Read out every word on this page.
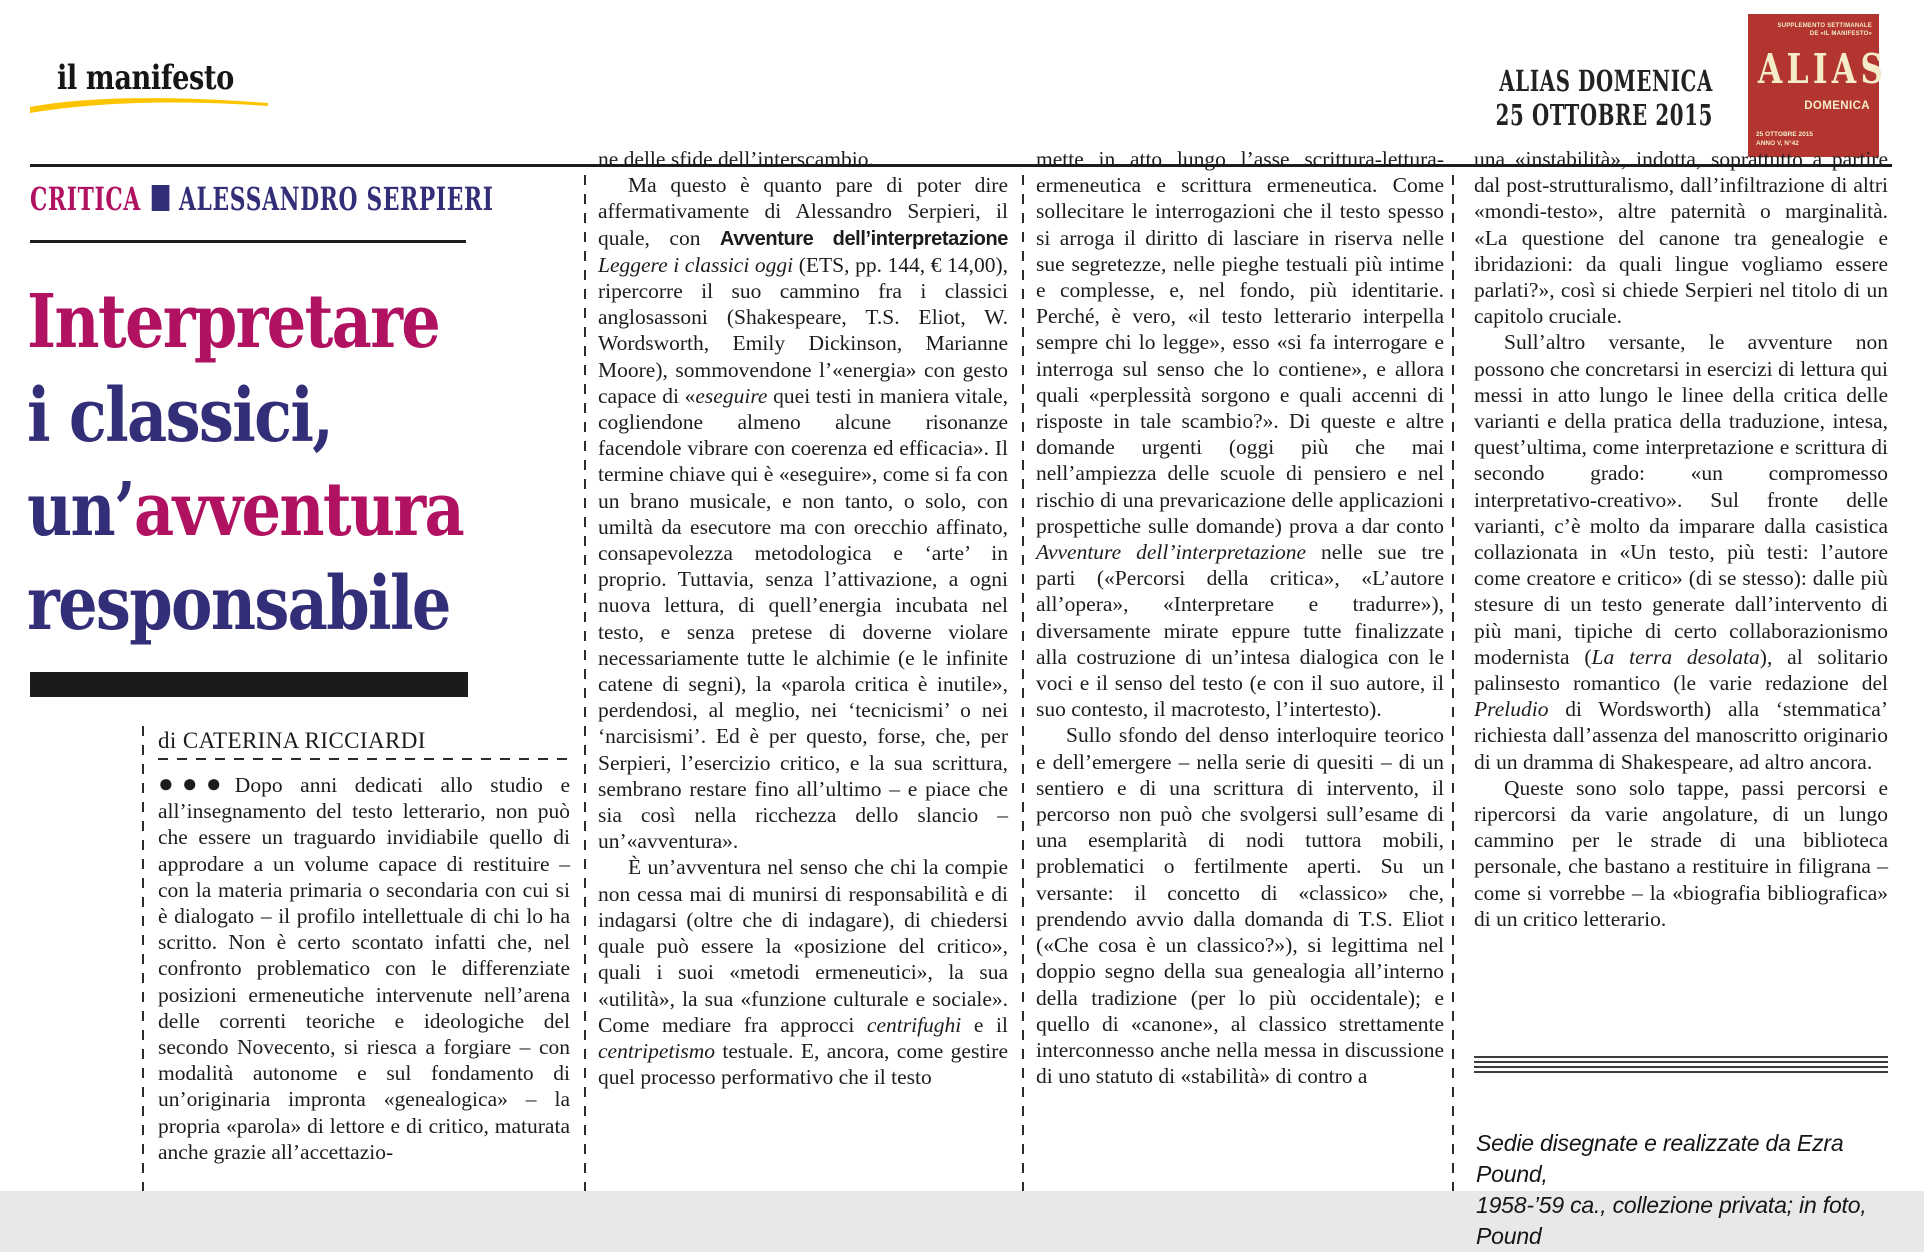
il manifesto	ALIAS DOMENICA
25 OTTOBRE 2015
SUPPLEMENTO SETTIMANALE
DE «IL MANIFESTO»
ALIAS
DOMENICA
25 OTTOBRE 2015
ANNO V, N°42
CRITICA ALESSANDRO SERPIERI
Interpretare
i classici,
un’avventura
responsabile
di CATERINA RICCIARDI

●●● Dopo anni dedicati allo studio e all’insegnamento del testo letterario, non può che essere un traguardo invidiabile quello di approdare a un volume capace di restituire – con la materia primaria o secondaria con cui si è dialogato – il profilo intellettuale di chi lo ha scritto. Non è certo scontato infatti che, nel confronto problematico con le differenziate posizioni ermeneutiche intervenute nell’arena delle correnti teoriche e ideologiche del secondo Novecento, si riesca a forgiare – con modalità autonome e sul fondamento di un’originaria impronta «genealogica» – la propria «parola» di lettore e di critico, maturata anche grazie all’accettazio-

ne delle sfide dell’interscambio.

Ma questo è quanto pare di poter dire affermativamente di Alessandro Serpieri, il quale, con Avventure dell’interpretazione Leggere i classici oggi (ETS, pp. 144, € 14,00), ripercorre il suo cammino fra i classici anglosassoni (Shakespeare, T.S. Eliot, W. Wordsworth, Emily Dickinson, Marianne Moore), sommovendone l’«energia» con gesto capace di «eseguire quei testi in maniera vitale, cogliendone almeno alcune risonanze facendole vibrare con coerenza ed efficacia». Il termine chiave qui è «eseguire», come si fa con un brano musicale, e non tanto, o solo, con umiltà da esecutore ma con orecchio affinato, consapevolezza metodologica e ‘arte’ in proprio. Tuttavia, senza l’attivazione, a ogni nuova lettura, di quell’energia incubata nel testo, e senza pretese di doverne violare necessariamente tutte le alchimie (e le infinite catene di segni), la «parola critica è inutile», perdendosi, al meglio, nei ‘tecnicismi’ o nei ‘narcisismi’. Ed è per questo, forse, che, per Serpieri, l’esercizio critico, e la sua scrittura, sembrano restare fino all’ultimo – e piace che sia così nella ricchezza dello slancio – un’«avventura».

È un’avventura nel senso che chi la compie non cessa mai di munirsi di responsabilità e di indagarsi (oltre che di indagare), di chiedersi quale può essere la «posizione del critico», quali i suoi «metodi ermeneutici», la sua «utilità», la sua «funzione culturale e sociale». Come mediare fra approcci centrifughi e il centripetismo testuale. E, ancora, come gestire quel processo performativo che il testo

mette in atto lungo l’asse scrittura-lettura-ermeneutica e scrittura ermeneutica. Come sollecitare le interrogazioni che il testo spesso si arroga il diritto di lasciare in riserva nelle sue segretezze, nelle pieghe testuali più intime e complesse, e, nel fondo, più identitarie. Perché, è vero, «il testo letterario interpella sempre chi lo legge», esso «si fa interrogare e interroga sul senso che lo contiene», e allora quali «perplessità sorgono e quali accenni di risposte in tale scambio?». Di queste e altre domande urgenti (oggi più che mai nell’ampiezza delle scuole di pensiero e nel rischio di una prevaricazione delle applicazioni prospettiche sulle domande) prova a dar conto Avventure dell’interpretazione nelle sue tre parti («Percorsi della critica», «L’autore all’opera», «Interpretare e tradurre»), diversamente mirate eppure tutte finalizzate alla costruzione di un’intesa dialogica con le voci e il senso del testo (e con il suo autore, il suo contesto, il macrotesto, l’intertesto).

Sullo sfondo del denso interloquire teorico e dell’emergere – nella serie di quesiti – di un sentiero e di una scrittura di intervento, il percorso non può che svolgersi sull’esame di una esemplarità di nodi tuttora mobili, problematici o fertilmente aperti. Su un versante: il concetto di «classico» che, prendendo avvio dalla domanda di T.S. Eliot («Che cosa è un classico?»), si legittima nel doppio segno della sua genealogia all’interno della tradizione (per lo più occidentale); e quello di «canone», al classico strettamente interconnesso anche nella messa in discussione di uno statuto di «stabilità» di contro a

una «instabilità», indotta, soprattutto a partire dal post-strutturalismo, dall’infiltrazione di altri «mondi-testo», altre paternità o marginalità. «La questione del canone tra genealogie e ibridazioni: da quali lingue vogliamo essere parlati?», così si chiede Serpieri nel titolo di un capitolo cruciale.

Sull’altro versante, le avventure non possono che concretarsi in esercizi di lettura qui messi in atto lungo le linee della critica delle varianti e della pratica della traduzione, intesa, quest’ultima, come interpretazione e scrittura di secondo grado: «un compromesso interpretativo-creativo». Sul fronte delle varianti, c’è molto da imparare dalla casistica collazionata in «Un testo, più testi: l’autore come creatore e critico» (di se stesso): dalle più stesure di un testo generate dall’intervento di più mani, tipiche di certo collaborazionismo modernista (La terra desolata), al solitario palinsesto romantico (le varie redazione del Preludio di Wordsworth) alla ‘stemmatica’ richiesta dall’assenza del manoscritto originario di un dramma di Shakespeare, ad altro ancora.

Queste sono solo tappe, passi percorsi e ripercorsi da varie angolature, di un lungo cammino per le strade di una biblioteca personale, che bastano a restituire in filigrana – come si vorrebbe – la «biografia bibliografica» di un critico letterario.

Sedie disegnate e realizzate da Ezra Pound,
1958-’59 ca., collezione privata; in foto, Pound
